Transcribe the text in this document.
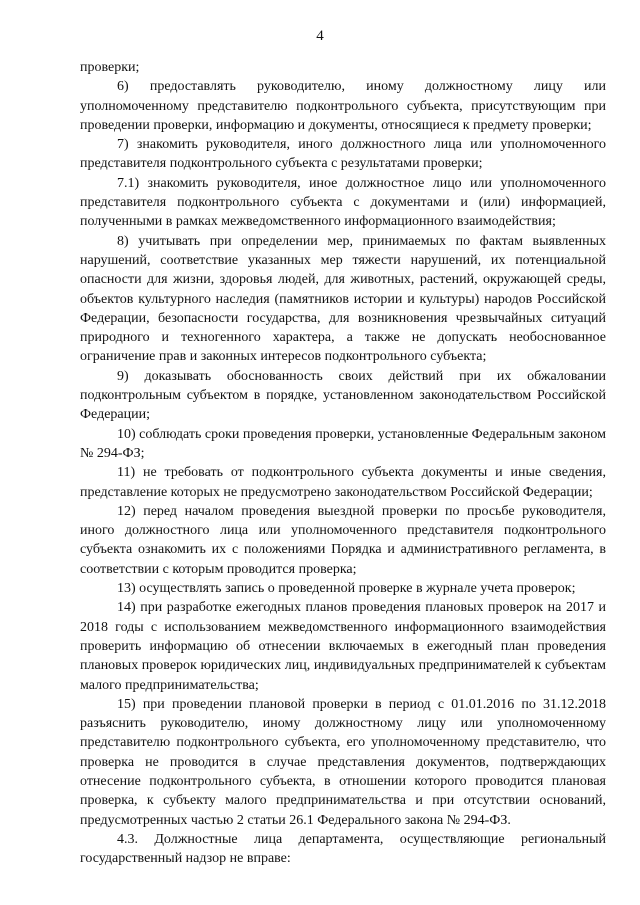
4

проверки;

6) предоставлять руководителю, иному должностному лицу или уполномоченному представителю подконтрольного субъекта, присутствующим при проведении проверки, информацию и документы, относящиеся к предмету проверки;

7) знакомить руководителя, иного должностного лица или уполномоченного представителя подконтрольного субъекта с результатами проверки;

7.1) знакомить руководителя, иное должностное лицо или уполномоченного представителя подконтрольного субъекта с документами и (или) информацией, полученными в рамках межведомственного информационного взаимодействия;

8) учитывать при определении мер, принимаемых по фактам выявленных нарушений, соответствие указанных мер тяжести нарушений, их потенциальной опасности для жизни, здоровья людей, для животных, растений, окружающей среды, объектов культурного наследия (памятников истории и культуры) народов Российской Федерации, безопасности государства, для возникновения чрезвычайных ситуаций природного и техногенного характера, а также не допускать необоснованное ограничение прав и законных интересов подконтрольного субъекта;

9) доказывать обоснованность своих действий при их обжаловании подконтрольным субъектом в порядке, установленном законодательством Российской Федерации;

10) соблюдать сроки проведения проверки, установленные Федеральным законом № 294-ФЗ;

11) не требовать от подконтрольного субъекта документы и иные сведения, представление которых не предусмотрено законодательством Российской Федерации;

12) перед началом проведения выездной проверки по просьбе руководителя, иного должностного лица или уполномоченного представителя подконтрольного субъекта ознакомить их с положениями Порядка и административного регламента, в соответствии с которым проводится проверка;

13) осуществлять запись о проведенной проверке в журнале учета проверок;

14) при разработке ежегодных планов проведения плановых проверок на 2017 и 2018 годы с использованием межведомственного информационного взаимодействия проверить информацию об отнесении включаемых в ежегодный план проведения плановых проверок юридических лиц, индивидуальных предпринимателей к субъектам малого предпринимательства;

15) при проведении плановой проверки в период с 01.01.2016 по 31.12.2018 разъяснить руководителю, иному должностному лицу или уполномоченному представителю подконтрольного субъекта, его уполномоченному представителю, что проверка не проводится в случае представления документов, подтверждающих отнесение подконтрольного субъекта, в отношении которого проводится плановая проверка, к субъекту малого предпринимательства и при отсутствии оснований, предусмотренных частью 2 статьи 26.1 Федерального закона № 294-ФЗ.

4.3. Должностные лица департамента, осуществляющие региональный государственный надзор не вправе:
